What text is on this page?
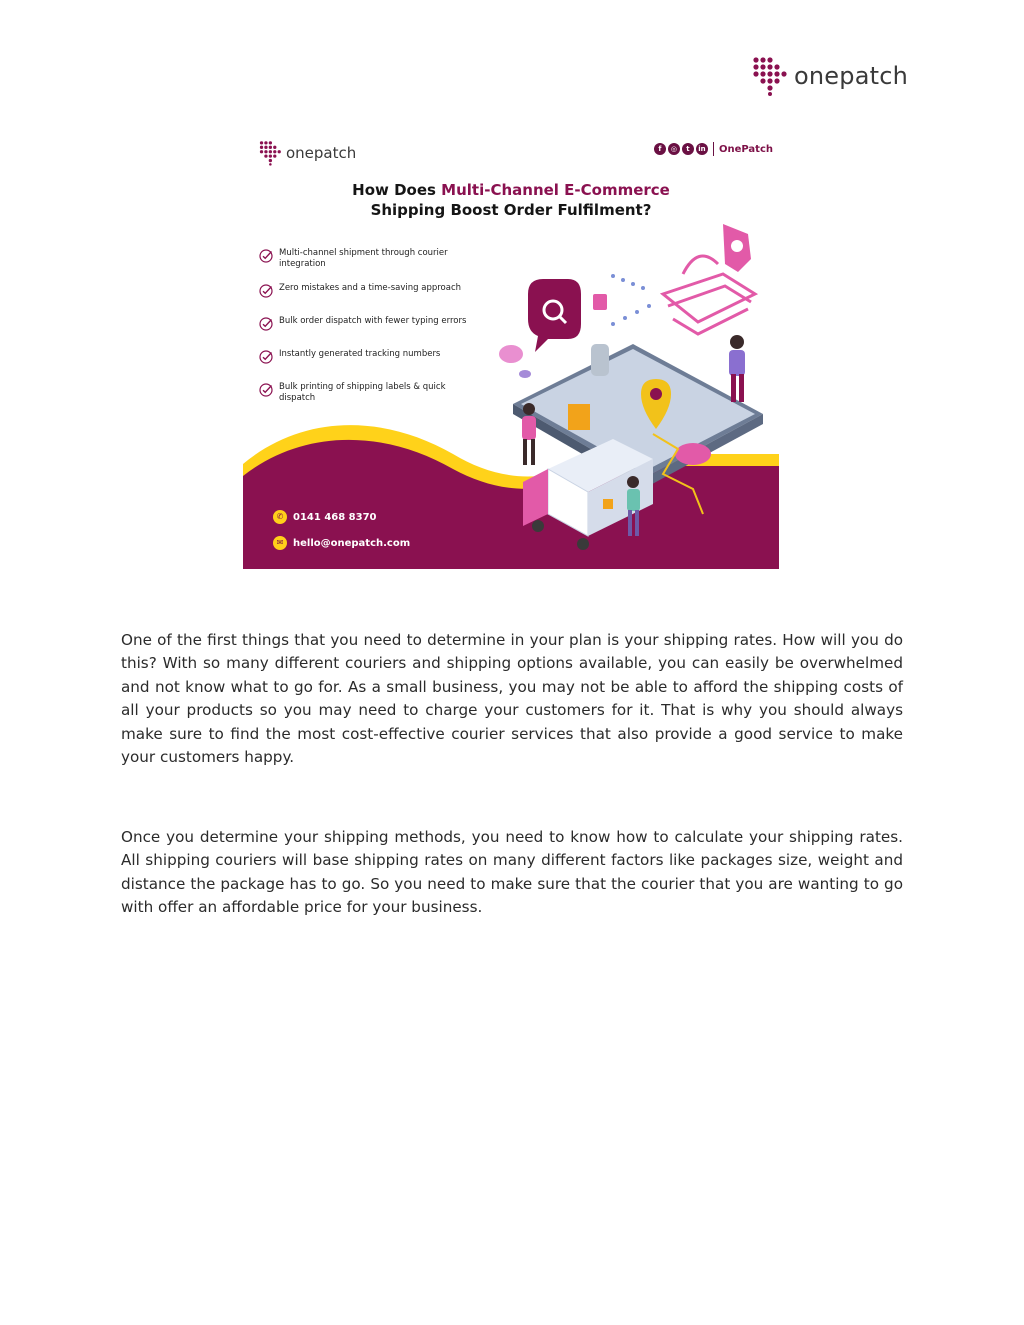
onepatch
onepatch	f	◎	t	in OnePatch
How Does Multi-Channel E-Commerce
Shipping Boost Order Fulfilment?
Multi-channel shipment through courier integration
Zero mistakes and a time-saving approach
Bulk order dispatch with fewer typing errors
Instantly generated tracking numbers
Bulk printing of shipping labels & quick dispatch
✆ 0141 468 8370
✉ hello@onepatch.com

One of the first things that you need to determine in your plan is your shipping rates. How will you do this? With so many different couriers and shipping options available, you can easily be overwhelmed and not know what to go for. As a small business, you may not be able to afford the shipping costs of all your products so you may need to charge your customers for it. That is why you should always make sure to find the most cost-effective courier services that also provide a good service to make your customers happy.

Once you determine your shipping methods, you need to know how to calculate your shipping rates. All shipping couriers will base shipping rates on many different factors like packages size, weight and distance the package has to go. So you need to make sure that the courier that you are wanting to go with offer an affordable price for your business.
